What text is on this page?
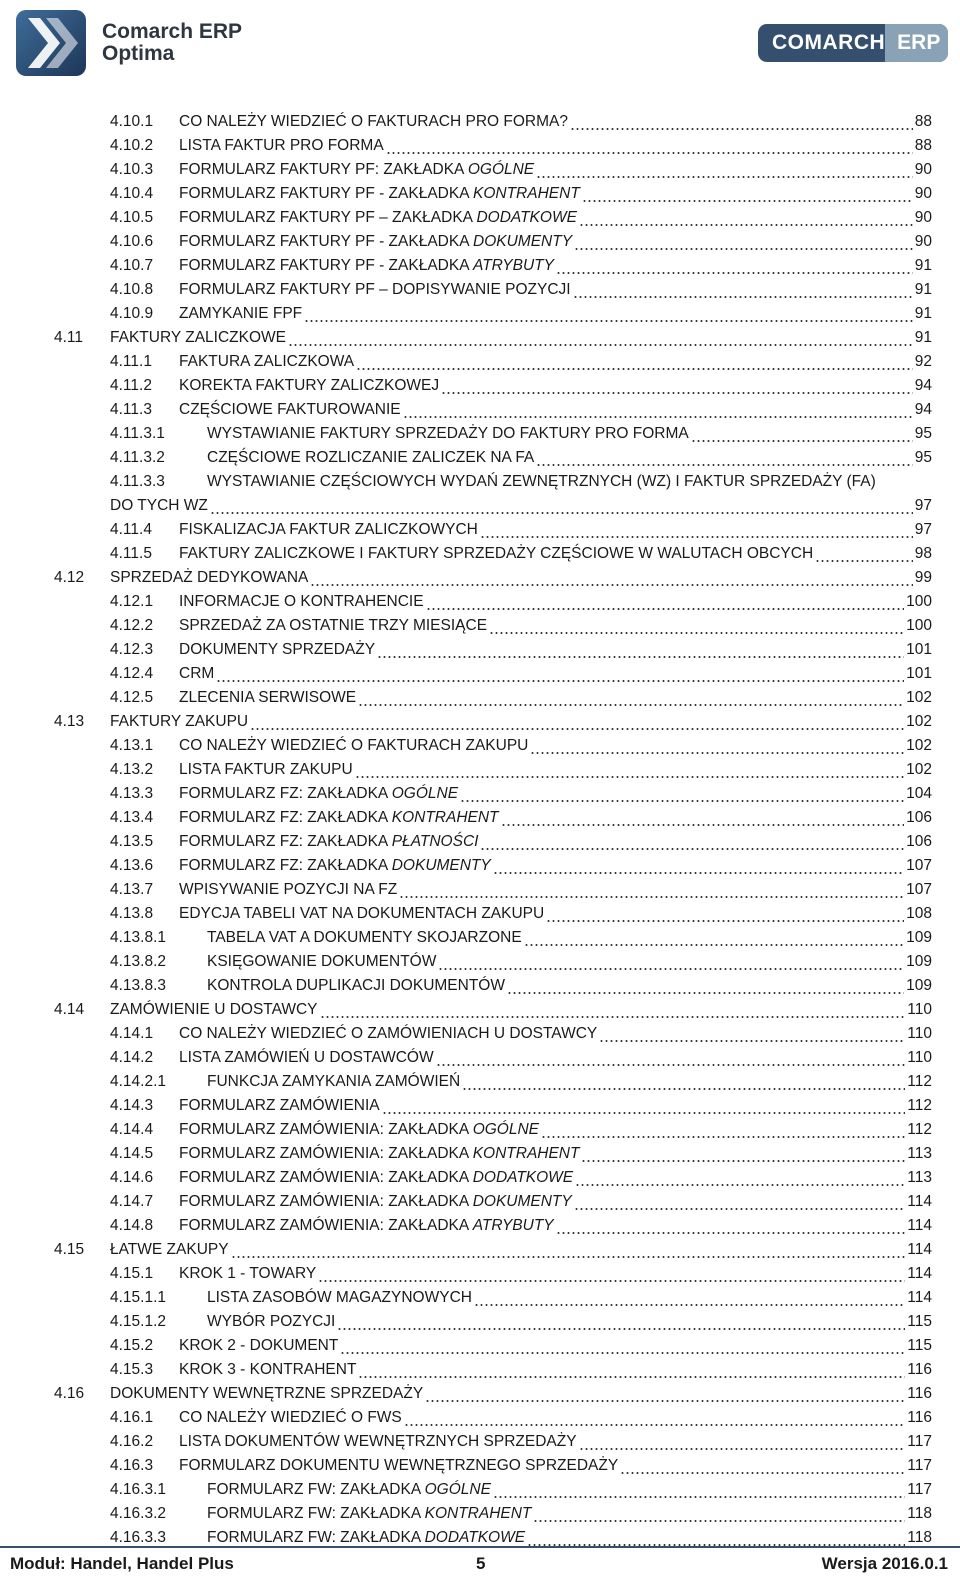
Comarch ERP
Optima	COMARCH ERP
4.10.1 CO NALEŻY WIEDZIEĆ O FAKTURACH PRO FORMA?	88
4.10.2 LISTA FAKTUR PRO FORMA	88
4.10.3 FORMULARZ FAKTURY PF: ZAKŁADKA OGÓLNE	90
4.10.4 FORMULARZ FAKTURY PF - ZAKŁADKA KONTRAHENT	90
4.10.5 FORMULARZ FAKTURY PF – ZAKŁADKA DODATKOWE	90
4.10.6 FORMULARZ FAKTURY PF - ZAKŁADKA DOKUMENTY	90
4.10.7 FORMULARZ FAKTURY PF - ZAKŁADKA ATRYBUTY	91
4.10.8 FORMULARZ FAKTURY PF – DOPISYWANIE POZYCJI	91
4.10.9 ZAMYKANIE FPF	91
4.11 FAKTURY ZALICZKOWE	91
4.11.1 FAKTURA ZALICZKOWA	92
4.11.2 KOREKTA FAKTURY ZALICZKOWEJ	94
4.11.3 CZĘŚCIOWE FAKTUROWANIE	94
4.11.3.1	WYSTAWIANIE FAKTURY SPRZEDAŻY DO FAKTURY PRO FORMA	95
4.11.3.2	CZĘŚCIOWE ROZLICZANIE ZALICZEK NA FA	95
4.11.3.3	WYSTAWIANIE CZĘŚCIOWYCH WYDAŃ ZEWNĘTRZNYCH (WZ) I FAKTUR SPRZEDAŻY (FA)
DO TYCH WZ	97
4.11.4 FISKALIZACJA FAKTUR ZALICZKOWYCH	97
4.11.5 FAKTURY ZALICZKOWE I FAKTURY SPRZEDAŻY CZĘŚCIOWE W WALUTACH OBCYCH	98
4.12 SPRZEDAŻ DEDYKOWANA	99
4.12.1 INFORMACJE O KONTRAHENCIE	100
4.12.2 SPRZEDAŻ ZA OSTATNIE TRZY MIESIĄCE	100
4.12.3 DOKUMENTY SPRZEDAŻY	101
4.12.4 CRM	101
4.12.5 ZLECENIA SERWISOWE	102
4.13 FAKTURY ZAKUPU	102
4.13.1 CO NALEŻY WIEDZIEĆ O FAKTURACH ZAKUPU	102
4.13.2 LISTA FAKTUR ZAKUPU	102
4.13.3 FORMULARZ FZ: ZAKŁADKA OGÓLNE	104
4.13.4 FORMULARZ FZ: ZAKŁADKA KONTRAHENT	106
4.13.5 FORMULARZ FZ: ZAKŁADKA PŁATNOŚCI	106
4.13.6 FORMULARZ FZ: ZAKŁADKA DOKUMENTY	107
4.13.7 WPISYWANIE POZYCJI NA FZ	107
4.13.8 EDYCJA TABELI VAT NA DOKUMENTACH ZAKUPU	108
4.13.8.1	TABELA VAT A DOKUMENTY SKOJARZONE	109
4.13.8.2	KSIĘGOWANIE DOKUMENTÓW	109
4.13.8.3	KONTROLA DUPLIKACJI DOKUMENTÓW	109
4.14 ZAMÓWIENIE U DOSTAWCY	110
4.14.1 CO NALEŻY WIEDZIEĆ O ZAMÓWIENIACH U DOSTAWCY	110
4.14.2 LISTA ZAMÓWIEŃ U DOSTAWCÓW	110
4.14.2.1	FUNKCJA ZAMYKANIA ZAMÓWIEŃ	112
4.14.3 FORMULARZ ZAMÓWIENIA	112
4.14.4 FORMULARZ ZAMÓWIENIA: ZAKŁADKA OGÓLNE	112
4.14.5 FORMULARZ ZAMÓWIENIA: ZAKŁADKA KONTRAHENT	113
4.14.6 FORMULARZ ZAMÓWIENIA: ZAKŁADKA DODATKOWE	113
4.14.7 FORMULARZ ZAMÓWIENIA: ZAKŁADKA DOKUMENTY	114
4.14.8 FORMULARZ ZAMÓWIENIA: ZAKŁADKA ATRYBUTY	114
4.15 ŁATWE ZAKUPY	114
4.15.1 KROK 1 - TOWARY	114
4.15.1.1	LISTA ZASOBÓW MAGAZYNOWYCH	114
4.15.1.2	WYBÓR POZYCJI	115
4.15.2 KROK 2 - DOKUMENT	115
4.15.3 KROK 3 - KONTRAHENT	116
4.16 DOKUMENTY WEWNĘTRZNE SPRZEDAŻY	116
4.16.1 CO NALEŻY WIEDZIEĆ O FWS	116
4.16.2 LISTA DOKUMENTÓW WEWNĘTRZNYCH SPRZEDAŻY	117
4.16.3 FORMULARZ DOKUMENTU WEWNĘTRZNEGO SPRZEDAŻY	117
4.16.3.1	FORMULARZ FW: ZAKŁADKA OGÓLNE	117
4.16.3.2	FORMULARZ FW: ZAKŁADKA KONTRAHENT	118
4.16.3.3	FORMULARZ FW: ZAKŁADKA DODATKOWE	118
Moduł: Handel, Handel Plus	5	Wersja 2016.0.1
